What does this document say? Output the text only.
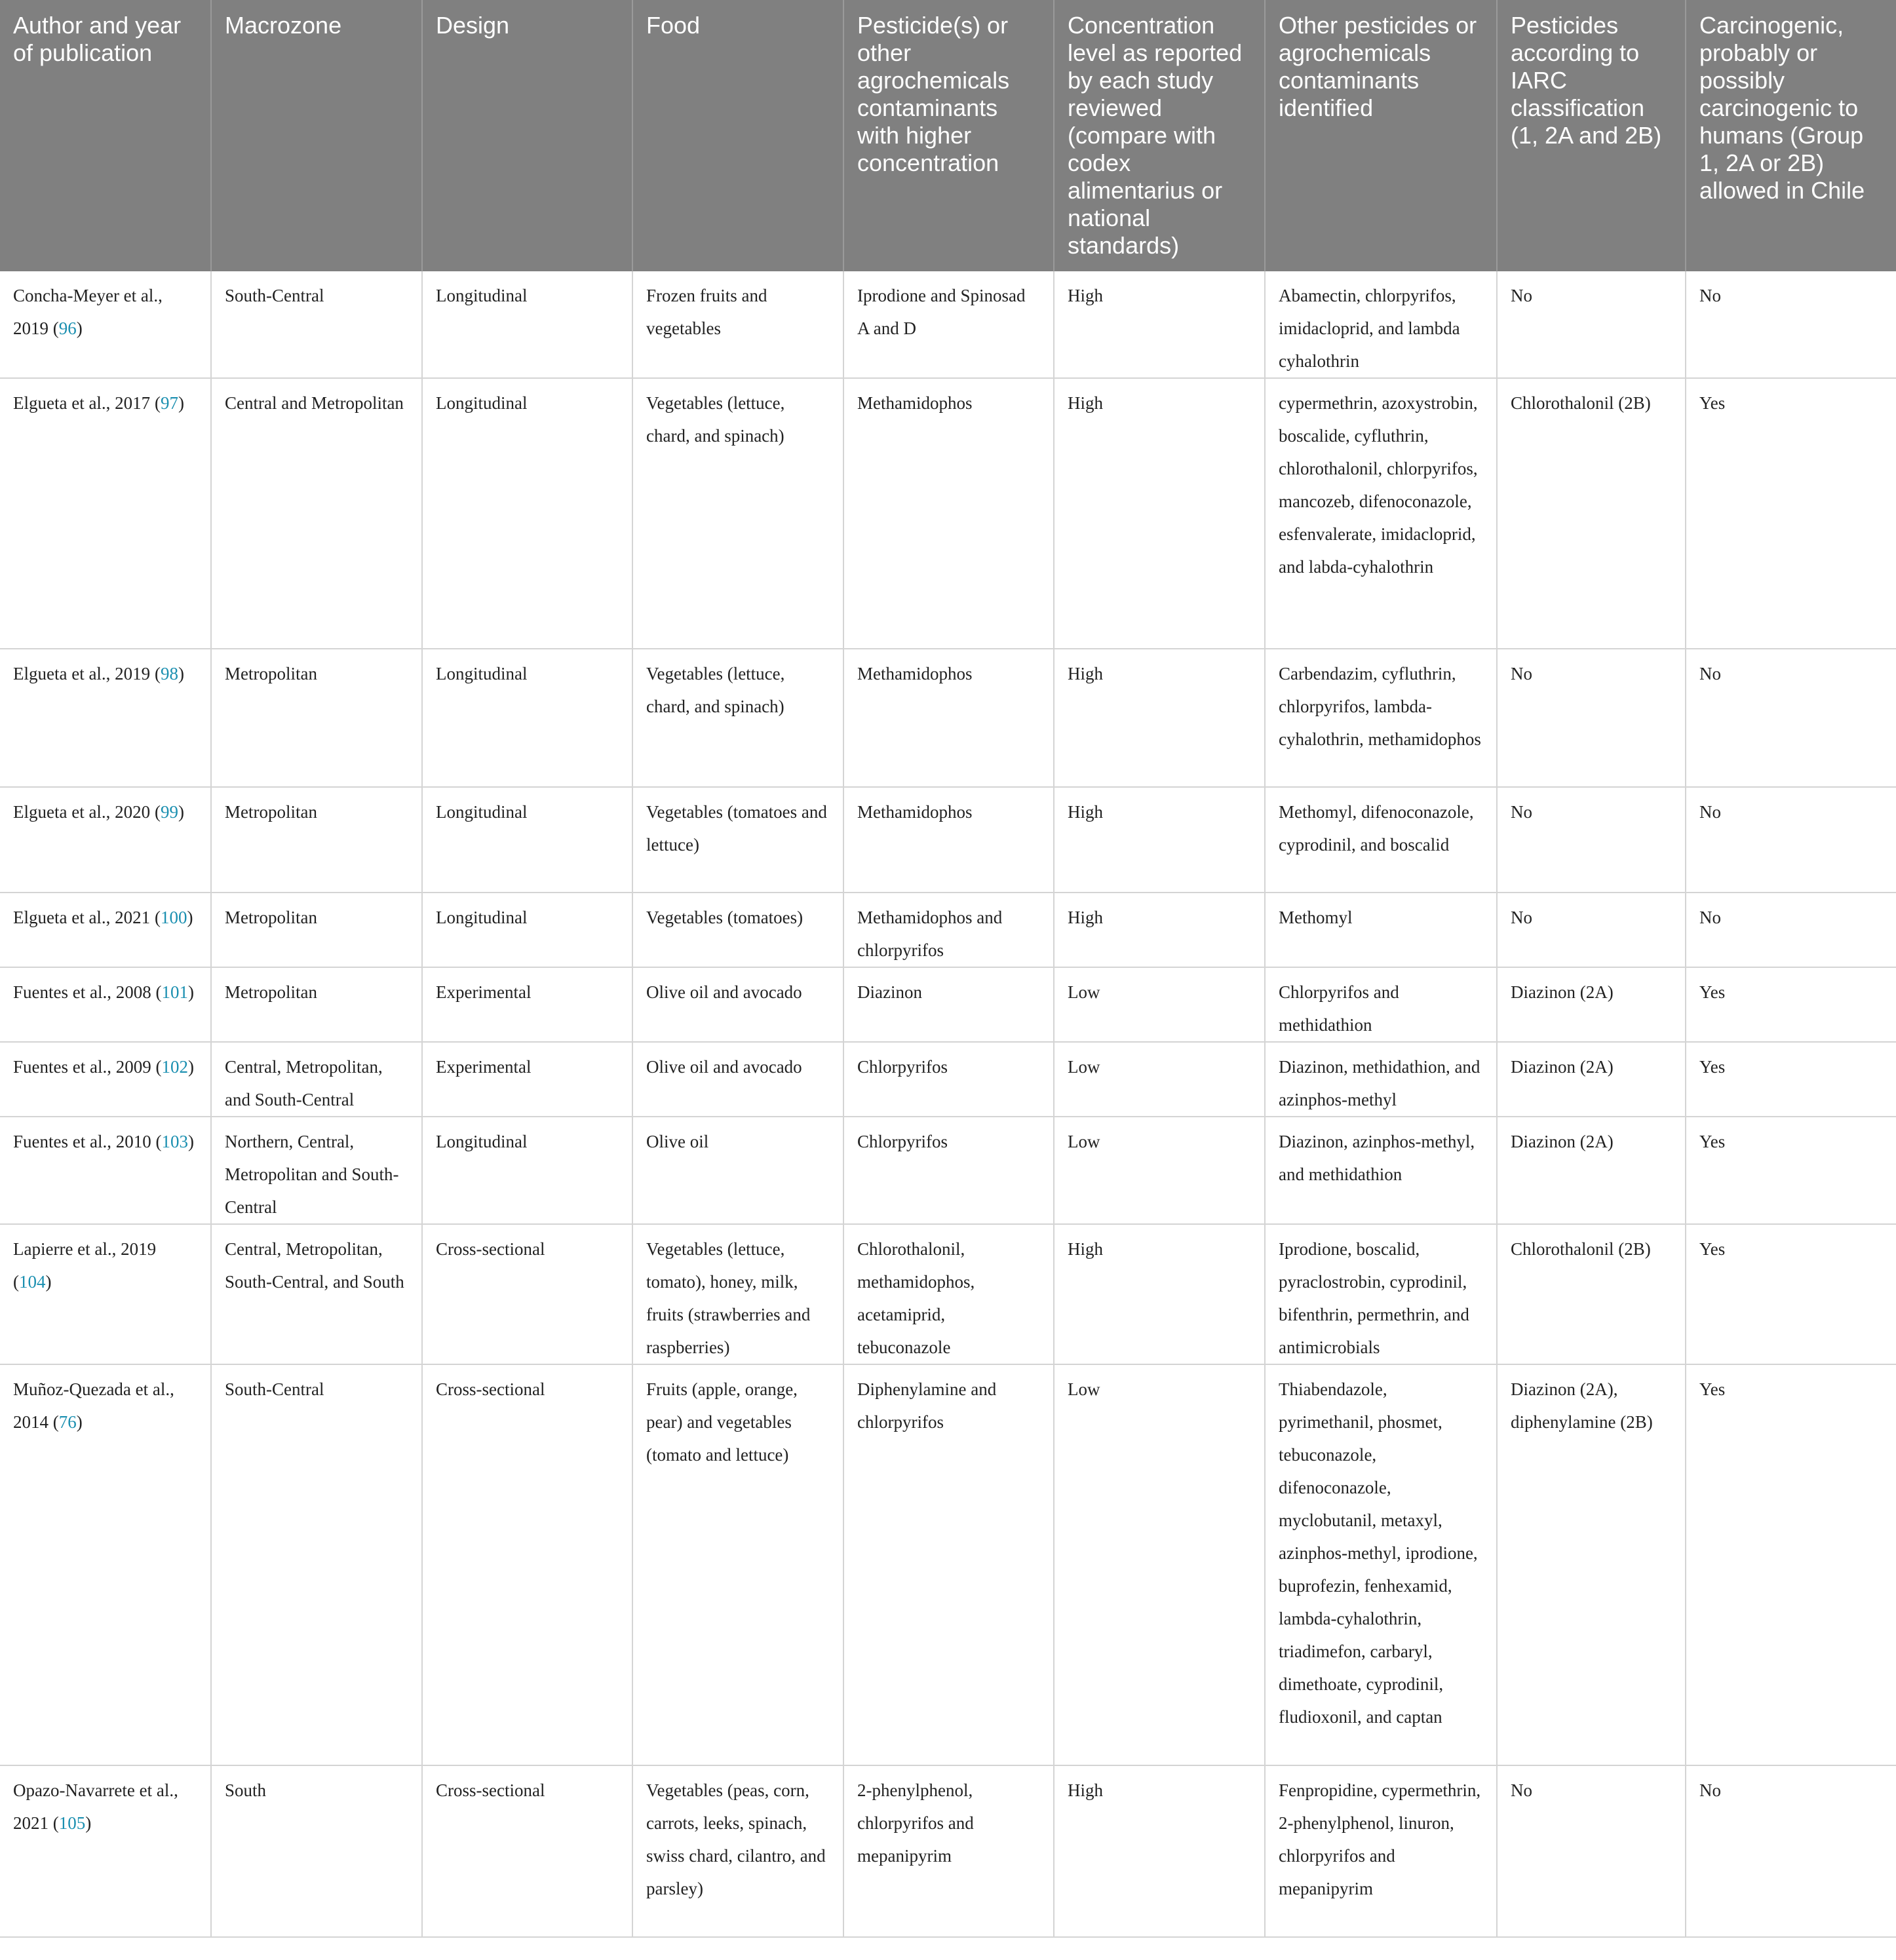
Author and year of publication	Macrozone	Design	Food	Pesticide(s) or other agrochemicals contaminants with higher concentration	Concentration level as reported by each study reviewed (compare with codex alimentarius or national standards)	Other pesticides or agrochemicals contaminants identified	Pesticides according to IARC classification (1, 2A and 2B)	Carcinogenic, probably or possibly carcinogenic to humans (Group 1, 2A or 2B) allowed in Chile
Concha-Meyer et al., 2019 (96)	South-Central	Longitudinal	Frozen fruits and vegetables	Iprodione and Spinosad A and D	High	Abamectin, chlorpyrifos, imidacloprid, and lambda cyhalothrin	No	No
Elgueta et al., 2017 (97)	Central and Metropolitan	Longitudinal	Vegetables (lettuce, chard, and spinach)	Methamidophos	High	cypermethrin, azoxystrobin, boscalide, cyfluthrin, chlorothalonil, chlorpyrifos, mancozeb, difenoconazole, esfenvalerate, imidacloprid, and labda-cyhalothrin	Chlorothalonil (2B)	Yes
Elgueta et al., 2019 (98)	Metropolitan	Longitudinal	Vegetables (lettuce, chard, and spinach)	Methamidophos	High	Carbendazim, cyfluthrin, chlorpyrifos, lambda-cyhalothrin, methamidophos	No	No
Elgueta et al., 2020 (99)	Metropolitan	Longitudinal	Vegetables (tomatoes and lettuce)	Methamidophos	High	Methomyl, difenoconazole, cyprodinil, and boscalid	No	No
Elgueta et al., 2021 (100)	Metropolitan	Longitudinal	Vegetables (tomatoes)	Methamidophos and chlorpyrifos	High	Methomyl	No	No
Fuentes et al., 2008 (101)	Metropolitan	Experimental	Olive oil and avocado	Diazinon	Low	Chlorpyrifos and methidathion	Diazinon (2A)	Yes
Fuentes et al., 2009 (102)	Central, Metropolitan, and South-Central	Experimental	Olive oil and avocado	Chlorpyrifos	Low	Diazinon, methidathion, and azinphos-methyl	Diazinon (2A)	Yes
Fuentes et al., 2010 (103)	Northern, Central, Metropolitan and South-Central	Longitudinal	Olive oil	Chlorpyrifos	Low	Diazinon, azinphos-methyl, and methidathion	Diazinon (2A)	Yes
Lapierre et al., 2019 (104)	Central, Metropolitan, South-Central, and South	Cross-sectional	Vegetables (lettuce, tomato), honey, milk, fruits (strawberries and raspberries)	Chlorothalonil, methamidophos, acetamiprid, tebuconazole	High	Iprodione, boscalid, pyraclostrobin, cyprodinil, bifenthrin, permethrin, and antimicrobials	Chlorothalonil (2B)	Yes
Muñoz-Quezada et al., 2014 (76)	South-Central	Cross-sectional	Fruits (apple, orange, pear) and vegetables (tomato and lettuce)	Diphenylamine and chlorpyrifos	Low	Thiabendazole, pyrimethanil, phosmet, tebuconazole, difenoconazole, myclobutanil, metaxyl, azinphos-methyl, iprodione, buprofezin, fenhexamid, lambda-cyhalothrin, triadimefon, carbaryl, dimethoate, cyprodinil, fludioxonil, and captan	Diazinon (2A), diphenylamine (2B)	Yes
Opazo-Navarrete et al., 2021 (105)	South	Cross-sectional	Vegetables (peas, corn, carrots, leeks, spinach, swiss chard, cilantro, and parsley)	2-phenylphenol, chlorpyrifos and mepanipyrim	High	Fenpropidine, cypermethrin, 2-phenylphenol, linuron, chlorpyrifos and mepanipyrim	No	No
